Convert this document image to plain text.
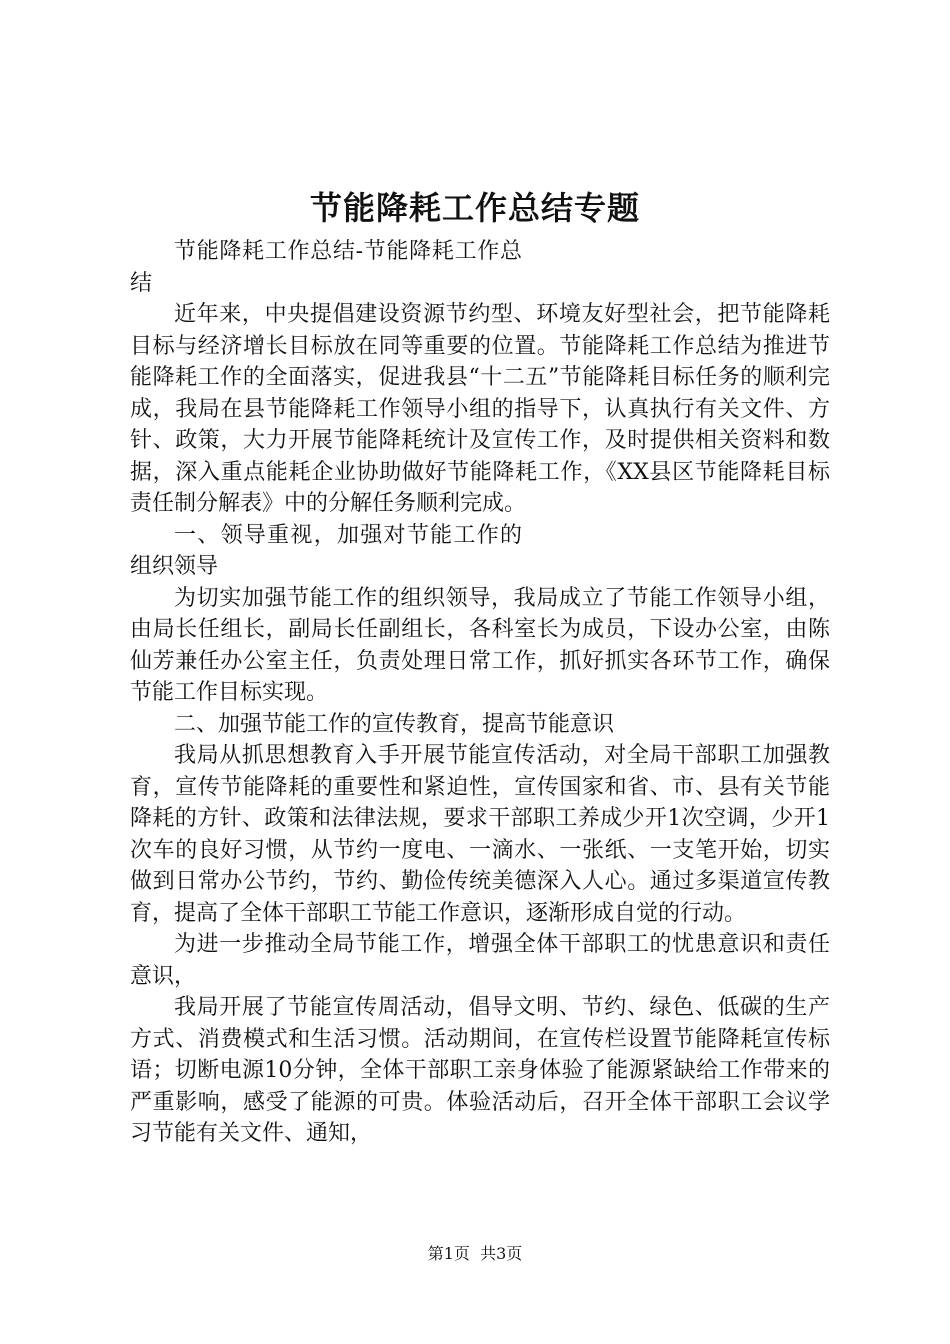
节能降耗工作总结专题

节能降耗工作总结-节能降耗工作总结

近年来，中央提倡建设资源节约型、环境友好型社会，把节能降耗目标与经济增长目标放在同等重要的位置。节能降耗工作总结为推进节能降耗工作的全面落实，促进我县“十二五”节能降耗目标任务的顺利完成，我局在县节能降耗工作领导小组的指导下，认真执行有关文件、方针、政策，大力开展节能降耗统计及宣传工作，及时提供相关资料和数据，深入重点能耗企业协助做好节能降耗工作，《XX县区节能降耗目标责任制分解表》中的分解任务顺利完成。

一、领导重视，加强对节能工作的组织领导

为切实加强节能工作的组织领导，我局成立了节能工作领导小组，由局长任组长，副局长任副组长，各科室长为成员，下设办公室，由陈仙芳兼任办公室主任，负责处理日常工作，抓好抓实各环节工作，确保节能工作目标实现。

二、加强节能工作的宣传教育，提高节能意识

我局从抓思想教育入手开展节能宣传活动，对全局干部职工加强教育，宣传节能降耗的重要性和紧迫性，宣传国家和省、市、县有关节能降耗的方针、政策和法律法规，要求干部职工养成少开1次空调，少开1次车的良好习惯，从节约一度电、一滴水、一张纸、一支笔开始，切实做到日常办公节约，节约、勤俭传统美德深入人心。通过多渠道宣传教育，提高了全体干部职工节能工作意识，逐渐形成自觉的行动。

为进一步推动全局节能工作，增强全体干部职工的忧患意识和责任意识，

我局开展了节能宣传周活动，倡导文明、节约、绿色、低碳的生产方式、消费模式和生活习惯。活动期间，在宣传栏设置节能降耗宣传标语；切断电源10分钟，全体干部职工亲身体验了能源紧缺给工作带来的严重影响，感受了能源的可贵。体验活动后，召开全体干部职工会议学习节能有关文件、通知，

第1页  共3页
